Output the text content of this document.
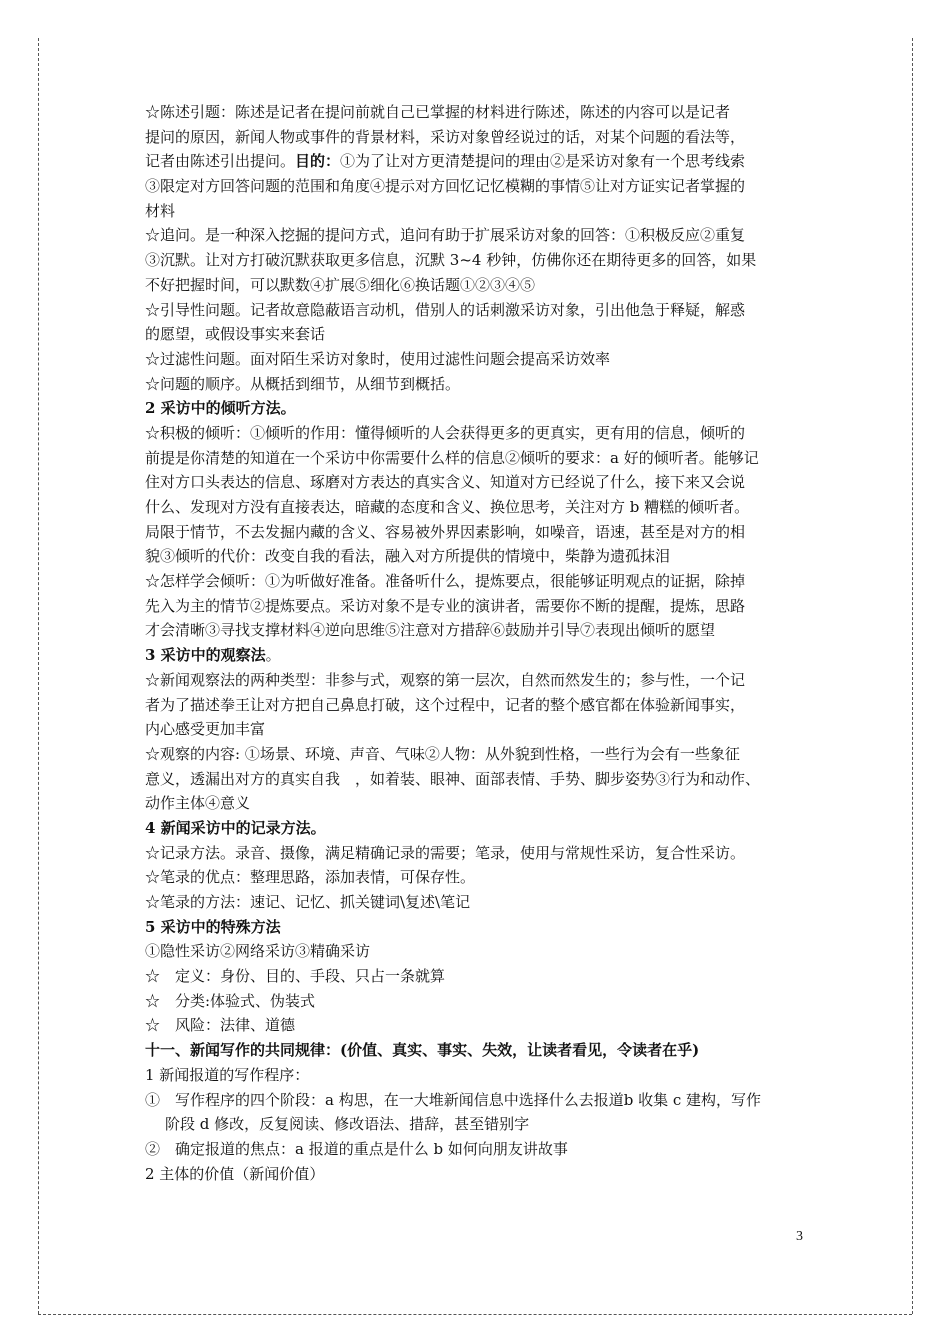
☆陈述引题：陈述是记者在提问前就自己已掌握的材料进行陈述，陈述的内容可以是记者
提问的原因，新闻人物或事件的背景材料，采访对象曾经说过的话，对某个问题的看法等，
记者由陈述引出提问。目的：①为了让对方更清楚提问的理由②是采访对象有一个思考线索
③限定对方回答问题的范围和角度④提示对方回忆记忆模糊的事情⑤让对方证实记者掌握的
材料
☆追问。是一种深入挖掘的提问方式，追问有助于扩展采访对象的回答：①积极反应②重复
③沉默。让对方打破沉默获取更多信息，沉默 3~4 秒钟，仿佛你还在期待更多的回答，如果
不好把握时间，可以默数④扩展⑤细化⑥换话题①②③④⑤
☆引导性问题。记者故意隐蔽语言动机，借别人的话刺激采访对象，引出他急于释疑，解惑
的愿望，或假设事实来套话
☆过滤性问题。面对陌生采访对象时，使用过滤性问题会提高采访效率
☆问题的顺序。从概括到细节，从细节到概括。
2 采访中的倾听方法。
☆积极的倾听：①倾听的作用：懂得倾听的人会获得更多的更真实，更有用的信息，倾听的
前提是你清楚的知道在一个采访中你需要什么样的信息②倾听的要求：a 好的倾听者。能够记
住对方口头表达的信息、琢磨对方表达的真实含义、知道对方已经说了什么，接下来又会说
什么、发现对方没有直接表达，暗藏的态度和含义、换位思考，关注对方 b 糟糕的倾听者。
局限于情节，不去发掘内藏的含义、容易被外界因素影响，如噪音，语速，甚至是对方的相
貌③倾听的代价：改变自我的看法，融入对方所提供的情境中，柴静为遗孤抹泪
☆怎样学会倾听：①为听做好准备。准备听什么，提炼要点，很能够证明观点的证据，除掉
先入为主的情节②提炼要点。采访对象不是专业的演讲者，需要你不断的提醒，提炼，思路
才会清晰③寻找支撑材料④逆向思维⑤注意对方措辞⑥鼓励并引导⑦表现出倾听的愿望
3 采访中的观察法。
☆新闻观察法的两种类型：非参与式，观察的第一层次，自然而然发生的；参与性，一个记
者为了描述拳王让对方把自己鼻息打破，这个过程中，记者的整个感官都在体验新闻事实，
内心感受更加丰富
☆观察的内容: ①场景、环境、声音、气味②人物：从外貌到性格，一些行为会有一些象征
意义，透漏出对方的真实自我　，如着装、眼神、面部表情、手势、脚步姿势③行为和动作、
动作主体④意义
4 新闻采访中的记录方法。
☆记录方法。录音、摄像，满足精确记录的需要；笔录，使用与常规性采访，复合性采访。
☆笔录的优点：整理思路，添加表情，可保存性。
☆笔录的方法：速记、记忆、抓关键词\复述\笔记
5 采访中的特殊方法
①隐性采访②网络采访③精确采访
☆　定义：身份、目的、手段、只占一条就算
☆　分类:体验式、伪装式
☆　风险：法律、道德
十一、新闻写作的共同规律：(价值、真实、事实、失效，让读者看见，令读者在乎)
1 新闻报道的写作程序：
①　写作程序的四个阶段：a 构思，在一大堆新闻信息中选择什么去报道b 收集 c 建构，写作
阶段 d 修改，反复阅读、修改语法、措辞，甚至错别字
②　确定报道的焦点：a 报道的重点是什么 b 如何向朋友讲故事
2 主体的价值（新闻价值）
3
